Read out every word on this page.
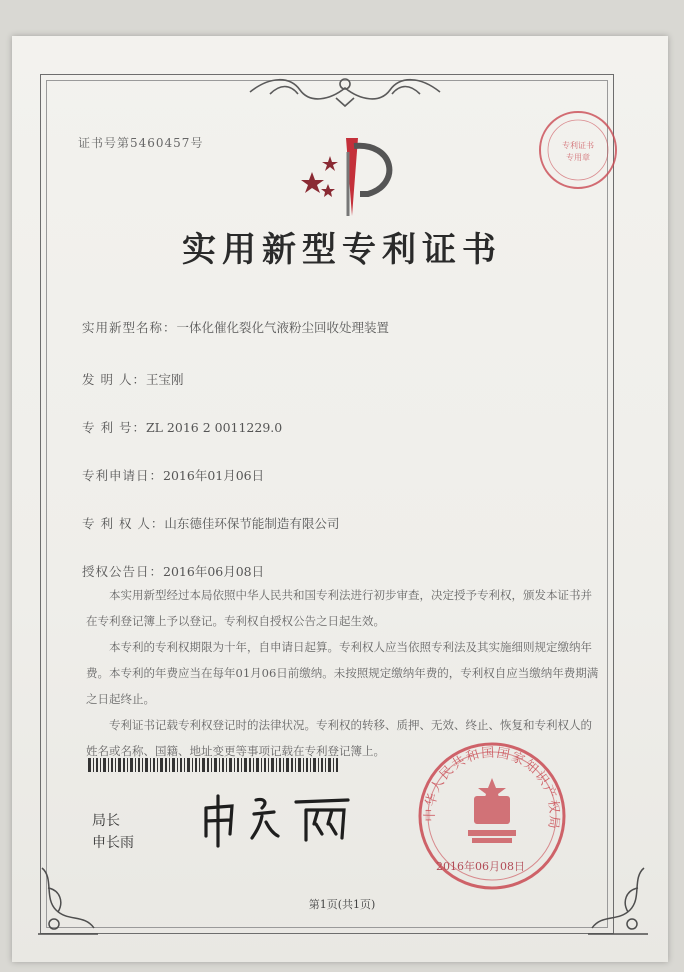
专利证书
专用章
证书号第5460457号
实用新型专利证书
实用新型名称：一体化催化裂化气液粉尘回收处理装置
发 明 人：王宝刚
专 利 号：ZL 2016 2 0011229.0
专利申请日：2016年01月06日
专 利 权 人：山东德佳环保节能制造有限公司
授权公告日：2016年06月08日

本实用新型经过本局依照中华人民共和国专利法进行初步审查，决定授予专利权，颁发本证书并在专利登记簿上予以登记。专利权自授权公告之日起生效。

本专利的专利权期限为十年，自申请日起算。专利权人应当依照专利法及其实施细则规定缴纳年费。本专利的年费应当在每年01月06日前缴纳。未按照规定缴纳年费的，专利权自应当缴纳年费期满之日起终止。

专利证书记载专利权登记时的法律状况。专利权的转移、质押、无效、终止、恢复和专利权人的姓名或名称、国籍、地址变更等事项记载在专利登记簿上。

局长
申长雨
中华人民共和国国家知识产权局
2016年06月08日
第1页(共1页)
